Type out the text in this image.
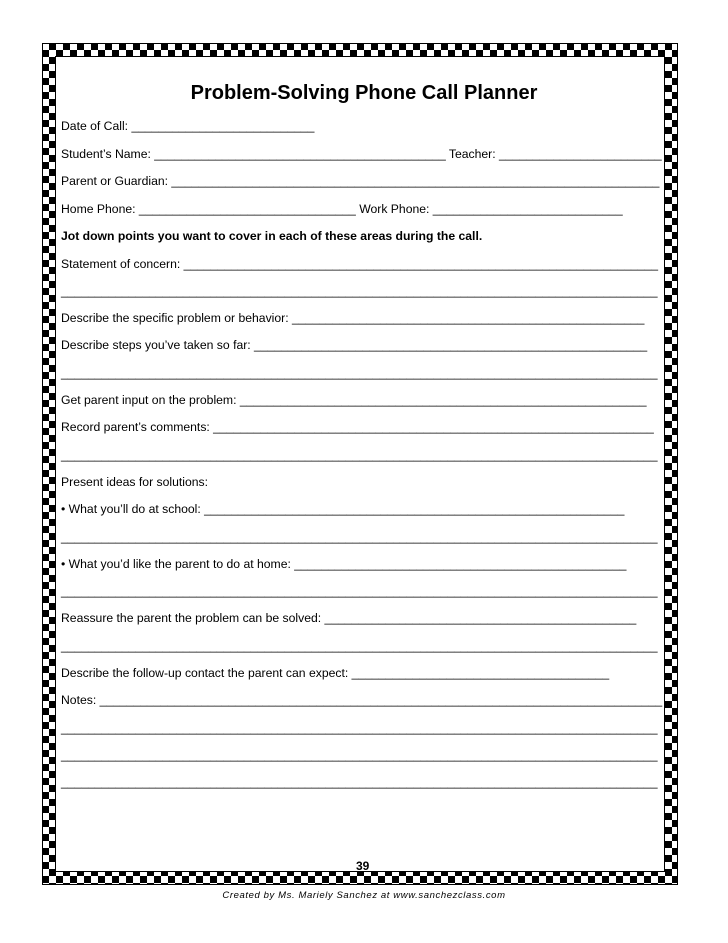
Problem-Solving Phone Call Planner
Date of Call: ___________________________
Student’s Name: ___________________________________________ Teacher: ________________________
Parent or Guardian: ________________________________________________________________________
Home Phone: ________________________________ Work Phone: ____________________________
Jot down points you want to cover in each of these areas during the call.
Statement of concern: ______________________________________________________________________
________________________________________________________________________________________
Describe the specific problem or behavior: ____________________________________________________
Describe steps you’ve taken so far: __________________________________________________________
________________________________________________________________________________________
Get parent input on the problem: ____________________________________________________________
Record parent’s comments: _________________________________________________________________
________________________________________________________________________________________
Present ideas for solutions:
• What you’ll do at school: ______________________________________________________________
________________________________________________________________________________________
• What you’d like the parent to do at home: _________________________________________________
________________________________________________________________________________________
Reassure the parent the problem can be solved: ______________________________________________
________________________________________________________________________________________
Describe the follow-up contact the parent can expect: ______________________________________
Notes: ___________________________________________________________________________________
________________________________________________________________________________________
________________________________________________________________________________________
________________________________________________________________________________________
39
Created by Ms. Mariely Sanchez at www.sanchezclass.com
